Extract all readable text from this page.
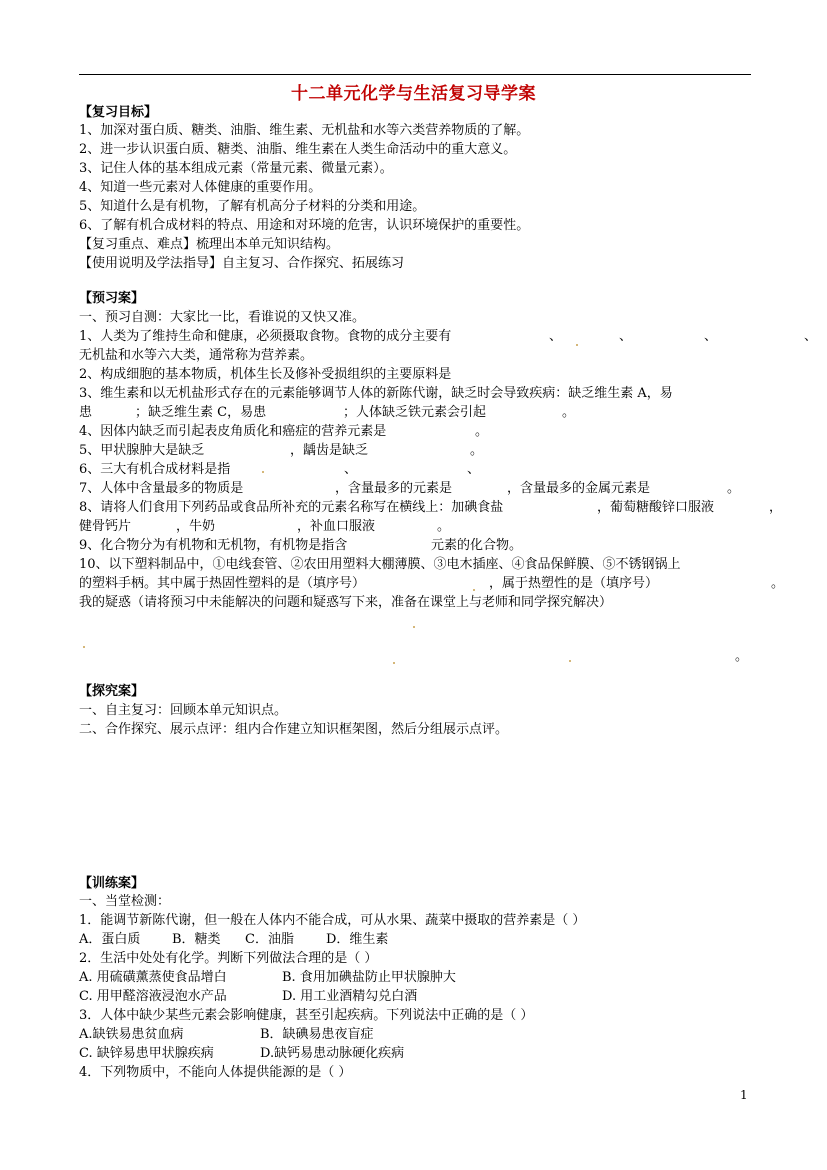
十二单元化学与生活复习导学案
【复习目标】
1、加深对蛋白质、糖类、油脂、维生素、无机盐和水等六类营养物质的了解。
2、进一步认识蛋白质、糖类、油脂、维生素在人类生命活动中的重大意义。
3、记住人体的基本组成元素（常量元素、微量元素）。
4、知道一些元素对人体健康的重要作用。
5、知道什么是有机物，了解有机高分子材料的分类和用途。
6、了解有机合成材料的特点、用途和对环境的危害，认识环境保护的重要性。
【复习重点、难点】梳理出本单元知识结构。
【使用说明及学法指导】自主复习、合作探究、拓展练习
【预习案】
一、预习自测：大家比一比，看谁说的又快又准。
1、人类为了维持生命和健康，必须摄取食物。食物的成分主要有	、	、	、	、
无机盐和水等六大类，通常称为营养素。
2、构成细胞的基本物质，机体生长及修补受损组织的主要原料是
3、维生素和以无机盐形式存在的元素能够调节人体的新陈代谢，缺乏时会导致疾病：缺乏维生素 A，易
患	；缺乏维生素 C，易患	；人体缺乏铁元素会引起	。
4、因体内缺乏而引起表皮角质化和癌症的营养元素是	。
5、甲状腺肿大是缺乏	，龋齿是缺乏	。
6、三大有机合成材料是指	、	、
7、人体中含量最多的物质是	，含量最多的元素是	，含量最多的金属元素是	。
8、请将人们食用下列药品或食品所补充的元素名称写在横线上：加碘食盐	，葡萄糖酸锌口服液	，
健骨钙片	，牛奶	，补血口服液	。
9、化合物分为有机物和无机物，有机物是指含	元素的化合物。
10、以下塑料制品中，①电线套管、②农田用塑料大棚薄膜、③电木插座、④食品保鲜膜、⑤不锈钢锅上
的塑料手柄。其中属于热固性塑料的是（填序号）	，属于热塑性的是（填序号）	。
我的疑惑（请将预习中未能解决的问题和疑惑写下来，准备在课堂上与老师和同学探究解决）
。
【探究案】
一、自主复习：回顾本单元知识点。
二、合作探究、展示点评：组内合作建立知识框架图，然后分组展示点评。
【训练案】
一、当堂检测：
1．能调节新陈代谢，但一般在人体内不能合成，可从水果、蔬菜中摄取的营养素是（ ）
A．蛋白质 B．糖类 C．油脂 D．维生素
2．生活中处处有化学。判断下列做法合理的是（ ）
A. 用硫磺薰蒸使食品增白	B. 食用加碘盐防止甲状腺肿大
C. 用甲醛溶液浸泡水产品	D. 用工业酒精勾兑白酒
3．人体中缺少某些元素会影响健康，甚至引起疾病。下列说法中正确的是（ ）
A.缺铁易患贫血病	B．缺碘易患夜盲症
C. 缺锌易患甲状腺疾病	D.缺钙易患动脉硬化疾病
4．下列物质中，不能向人体提供能源的是（ ）
1
